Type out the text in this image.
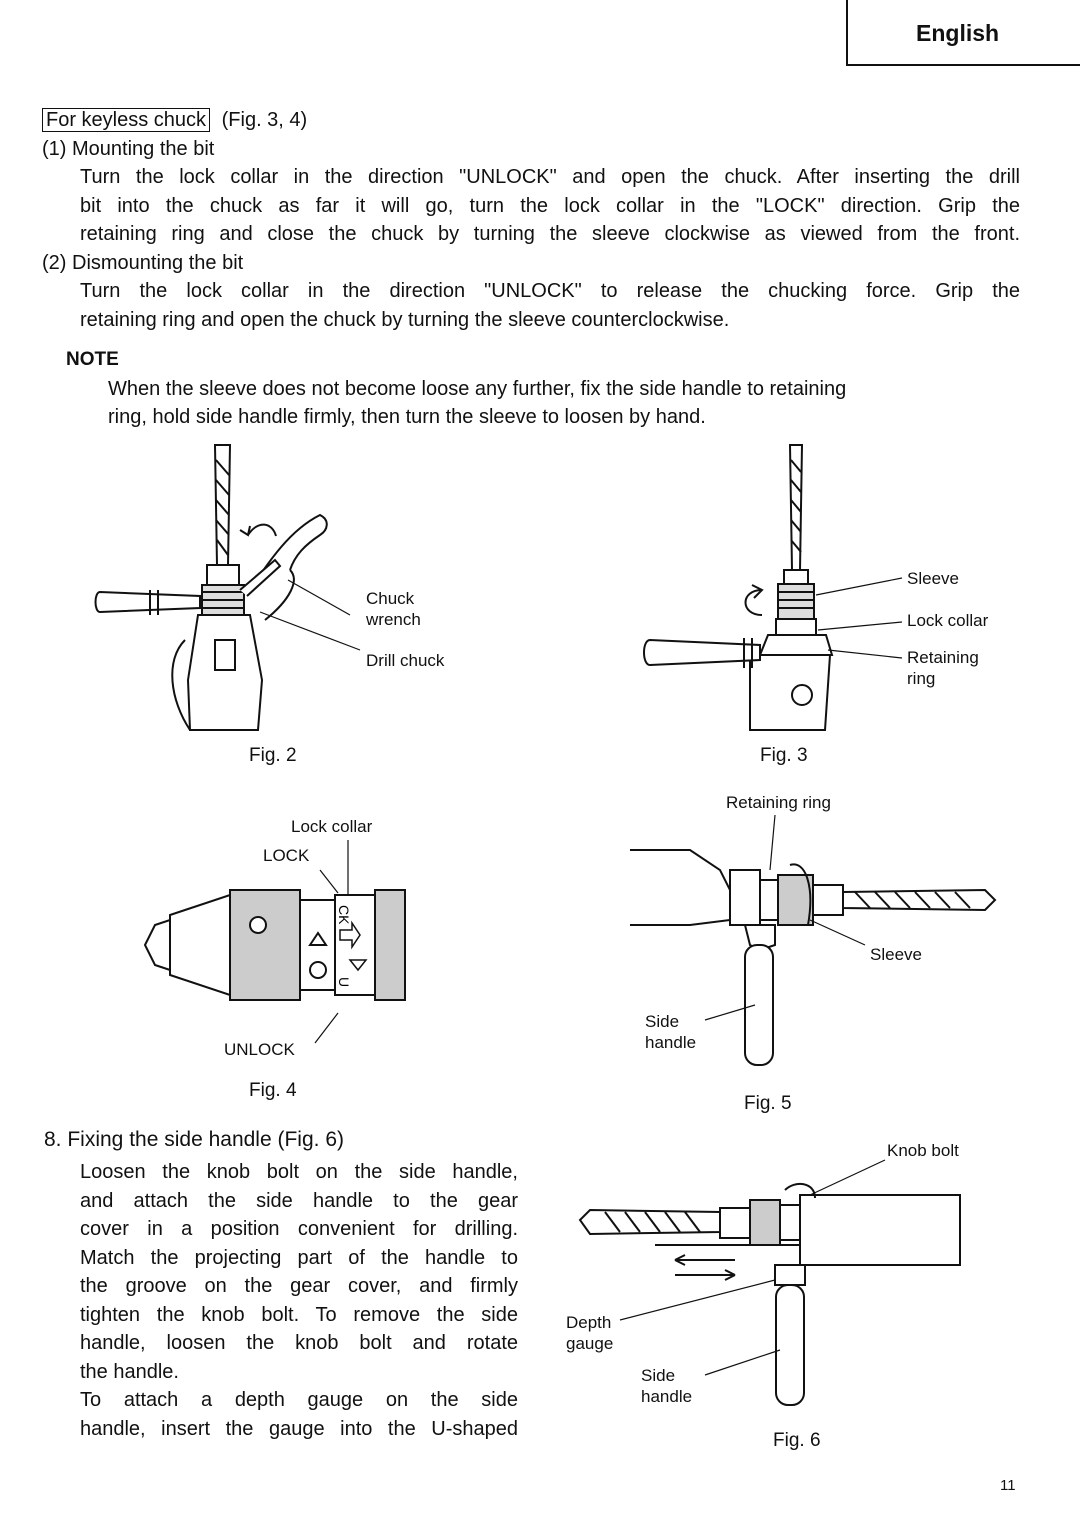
English
For keyless chuck (Fig. 3, 4)
(1) Mounting the bit
Turn the lock collar in the direction "UNLOCK" and open the chuck. After inserting the drill
bit into the chuck as far it will go, turn the lock collar in the "LOCK" direction. Grip the
retaining ring and close the chuck by turning the sleeve clockwise as viewed from the front.
(2) Dismounting the bit
Turn the lock collar in the direction "UNLOCK" to release the chucking force. Grip the
retaining ring and open the chuck by turning the sleeve counterclockwise.
NOTE
When the sleeve does not become loose any further, fix the side handle to retaining
ring, hold side handle firmly, then turn the sleeve to loosen by hand.
Chuck
wrench
Drill chuck
Fig. 2
Sleeve
Lock collar
Retaining
ring
Fig. 3
CK
U
Lock collar
LOCK
UNLOCK
Fig. 4
Retaining ring
Sleeve
Side
handle
Fig. 5
Knob bolt
Depth
gauge
Side
handle
Fig. 6
8. Fixing the side handle (Fig. 6)
Loosen the knob bolt on the side handle,
and attach the side handle to the gear
cover in a position convenient for drilling.
Match the projecting part of the handle to
the groove on the gear cover, and firmly
tighten the knob bolt. To remove the side
handle, loosen the knob bolt and rotate
the handle.
To attach a depth gauge on the side
handle, insert the gauge into the U-shaped
11
